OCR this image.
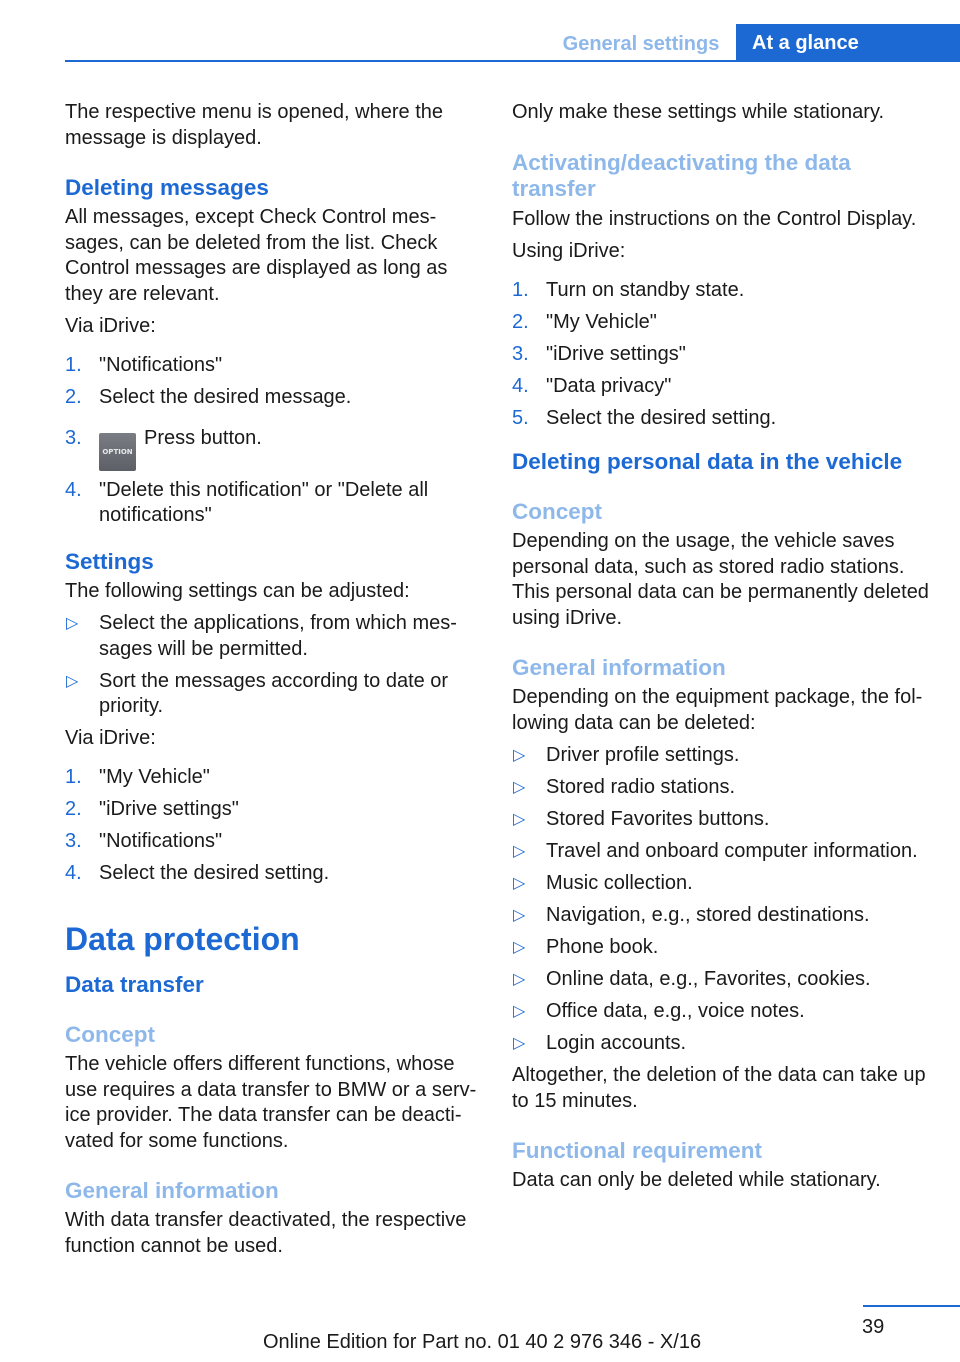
General settings	At a glance

The respective menu is opened, where the message is displayed.

Deleting messages

All messages, except Check Control messages, can be deleted from the list. Check Control messages are displayed as long as they are relevant.

Via iDrive:

1. "Notifications"
2. Select the desired message.
3.
OPTIONPress button.
4. "Delete this notification" or "Delete all notifications"
Settings

The following settings can be adjusted:

▷ Select the applications, from which messages will be permitted.
▷ Sort the messages according to date or priority.

Via iDrive:

1. "My Vehicle"
2. "iDrive settings"
3. "Notifications"
4. Select the desired setting.
Data protection
Data transfer
Concept

The vehicle offers different functions, whose use requires a data transfer to BMW or a service provider. The data transfer can be deactivated for some functions.

General information

With data transfer deactivated, the respective function cannot be used.

Only make these settings while stationary.

Activating/deactivating the data transfer

Follow the instructions on the Control Display.

Using iDrive:

1. Turn on standby state.
2. "My Vehicle"
3. "iDrive settings"
4. "Data privacy"
5. Select the desired setting.
Deleting personal data in the vehicle
Concept

Depending on the usage, the vehicle saves personal data, such as stored radio stations. This personal data can be permanently deleted using iDrive.

General information

Depending on the equipment package, the following data can be deleted:

▷ Driver profile settings.
▷ Stored radio stations.
▷ Stored Favorites buttons.
▷ Travel and onboard computer information.
▷ Music collection.
▷ Navigation, e.g., stored destinations.
▷ Phone book.
▷ Online data, e.g., Favorites, cookies.
▷ Office data, e.g., voice notes.
▷ Login accounts.

Altogether, the deletion of the data can take up to 15 minutes.

Functional requirement

Data can only be deleted while stationary.

39
Online Edition for Part no. 01 40 2 976 346 - X/16
